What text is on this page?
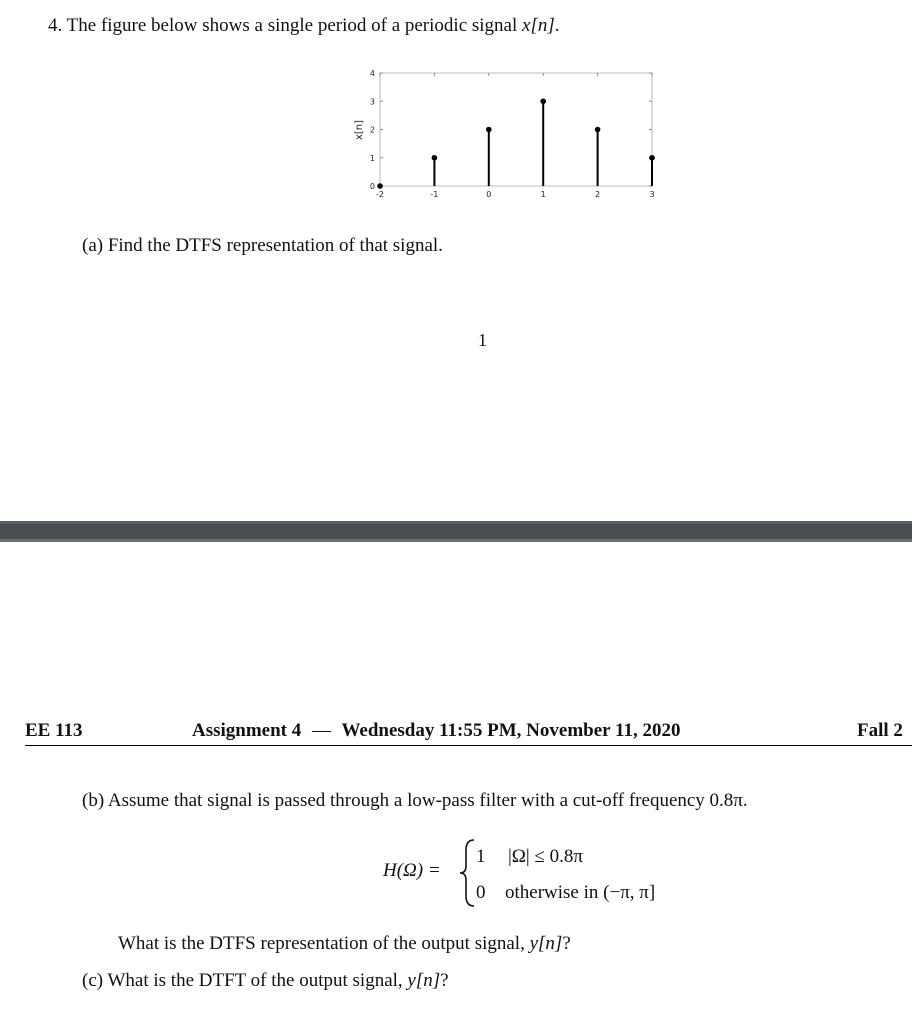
4. The figure below shows a single period of a periodic signal x[n].
x[n]
-2	-1	0	1	2	3
0
1
2
3
4
(a) Find the DTFS representation of that signal.
1
EE 113	Assignment 4 — Wednesday 11:55 PM, November 11, 2020	Fall 2
(b) Assume that signal is passed through a low-pass filter with a cut-off frequency 0.8π.
H(Ω) =
1 |Ω| ≤ 0.8π
0 otherwise in (−π, π]
What is the DTFS representation of the output signal, y[n]?
(c) What is the DTFT of the output signal, y[n]?
